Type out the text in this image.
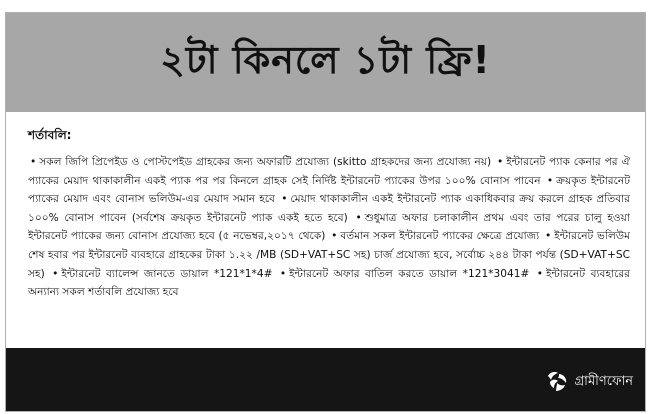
২টা কিনলে ১টা ফ্রি!

শর্তাবলি:

• সকল জিপি প্রিপেইড ও পোস্টপেইড গ্রাহকের জন্য অফারটি প্রযোজ্য (skitto গ্রাহকদের জন্য প্রযোজ্য নয়) • ইন্টারনেট প্যাক কেনার পর ঐ প্যাকের মেয়াদ থাকাকালীন একই প্যাক পর পর কিনলে গ্রাহক সেই নির্দিষ্ট ইন্টারনেট প্যাকের উপর ১০০% বোনাস পাবেন • ক্রয়কৃত ইন্টারনেট প্যাকের মেয়াদ এবং বোনাস ভলিউম-এর মেয়াদ সমান হবে • মেয়াদ থাকাকালীন একই ইন্টারনেট প্যাক একাধিকবার ক্রয় করলে গ্রাহক প্রতিবার ১০০% বোনাস পাবেন (সর্বশেষ ক্রয়কৃত ইন্টারনেট প্যাক একই হতে হবে) • শুধুমাত্র অফার চলাকালীন প্রথম এবং তার পরের চালু হওয়া ইন্টারনেট প্যাকের জন্য বোনাস প্রযোজ্য হবে (৫ নভেম্বর,২০১৭ থেকে) • বর্তমান সকল ইন্টারনেট প্যাকের ক্ষেত্রে প্রযোজ্য • ইন্টারনেট ভলিউম শেষ হবার পর ইন্টারনেট ব্যবহারে গ্রাহকের টাকা ১.২২ /MB (SD+VAT+SC সহ) চার্জ প্রযোজ্য হবে, সর্বোচ্চ ২৪৪ টাকা পর্যন্ত (SD+VAT+SC সহ) • ইন্টারনেট ব্যালেন্স জানতে ডায়াল *121*1*4# • ইন্টারনেট অফার বাতিল করতে ডায়াল *121*3041# • ইন্টারনেট ব্যবহারের অন্যান্য সকল শর্তাবলি প্রযোজ্য হবে

গ্রামীণফোন
